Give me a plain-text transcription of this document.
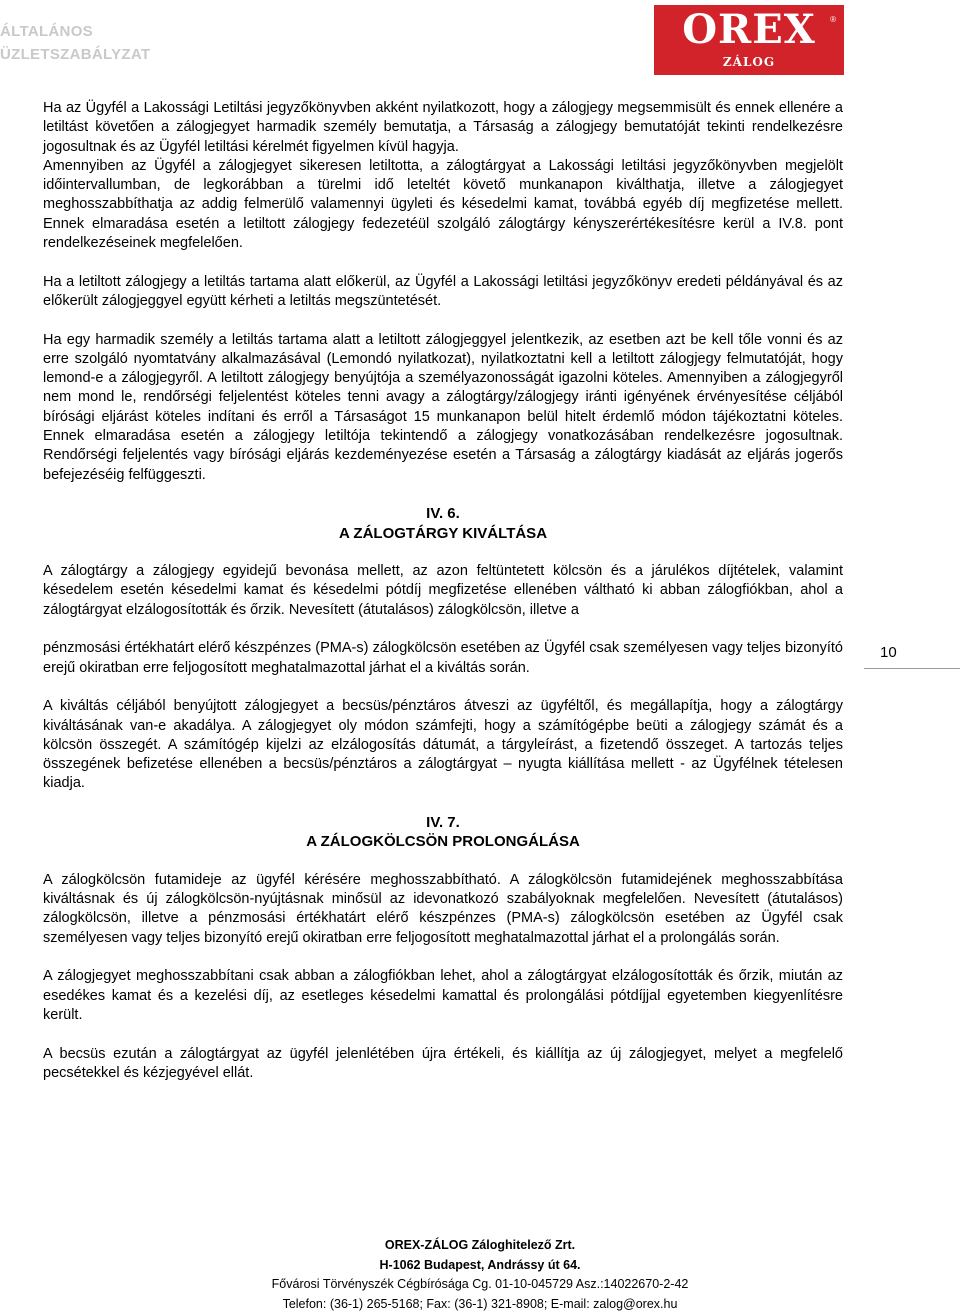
ÁLTALÁNOS
ÜZLETSZABÁLYZAT
OREX	®
ZÁLOG

Ha az Ügyfél a Lakossági Letiltási jegyzőkönyvben akként nyilatkozott, hogy a zálogjegy megsemmisült és ennek ellenére a letiltást követően a zálogjegyet harmadik személy bemutatja, a Társaság a zálogjegy bemutatóját tekinti rendelkezésre jogosultnak és az Ügyfél letiltási kérelmét figyelmen kívül hagyja.

Amennyiben az Ügyfél a zálogjegyet sikeresen letiltotta, a zálogtárgyat a Lakossági letiltási jegyzőkönyvben megjelölt időintervallumban, de legkorábban a türelmi idő leteltét követő munkanapon kiválthatja, illetve a zálogjegyet meghosszabbíthatja az addig felmerülő valamennyi ügyleti és késedelmi kamat, továbbá egyéb díj megfizetése mellett. Ennek elmaradása esetén a letiltott zálogjegy fedezetéül szolgáló zálogtárgy kényszerértékesítésre kerül a IV.8. pont rendelkezéseinek megfelelően.

Ha a letiltott zálogjegy a letiltás tartama alatt előkerül, az Ügyfél a Lakossági letiltási jegyzőkönyv eredeti példányával és az előkerült zálogjeggyel együtt kérheti a letiltás megszüntetését.

Ha egy harmadik személy a letiltás tartama alatt a letiltott zálogjeggyel jelentkezik, az esetben azt be kell tőle vonni és az erre szolgáló nyomtatvány alkalmazásával (Lemondó nyilatkozat), nyilatkoztatni kell a letiltott zálogjegy felmutatóját, hogy lemond-e a zálogjegyről. A letiltott zálogjegy benyújtója a személyazonosságát igazolni köteles. Amennyiben a zálogjegyről nem mond le, rendőrségi feljelentést köteles tenni avagy a zálogtárgy/zálogjegy iránti igényének érvényesítése céljából bírósági eljárást köteles indítani és erről a Társaságot 15 munkanapon belül hitelt érdemlő módon tájékoztatni köteles. Ennek elmaradása esetén a zálogjegy letiltója tekintendő a zálogjegy vonatkozásában rendelkezésre jogosultnak. Rendőrségi feljelentés vagy bírósági eljárás kezdeményezése esetén a Társaság a zálogtárgy kiadását az eljárás jogerős befejezéséig felfüggeszti.

IV. 6.
A ZÁLOGTÁRGY KIVÁLTÁSA

A zálogtárgy a zálogjegy egyidejű bevonása mellett, az azon feltüntetett kölcsön és a járulékos díjtételek, valamint késedelem esetén késedelmi kamat és késedelmi pótdíj megfizetése ellenében váltható ki abban zálogfiókban, ahol a zálogtárgyat elzálogosították és őrzik. Nevesített (átutalásos) zálogkölcsön, illetve a

pénzmosási értékhatárt elérő készpénzes (PMA-s) zálogkölcsön esetében az Ügyfél csak személyesen vagy teljes bizonyító erejű okiratban erre feljogosított meghatalmazottal járhat el a kiváltás során.

A kiváltás céljából benyújtott zálogjegyet a becsüs/pénztáros átveszi az ügyféltől, és megállapítja, hogy a zálogtárgy kiváltásának van-e akadálya. A zálogjegyet oly módon számfejti, hogy a számítógépbe beüti a zálogjegy számát és a kölcsön összegét. A számítógép kijelzi az elzálogosítás dátumát, a tárgyleírást, a fizetendő összeget. A tartozás teljes összegének befizetése ellenében a becsüs/pénztáros a zálogtárgyat – nyugta kiállítása mellett - az Ügyfélnek tételesen kiadja.

IV. 7.
A ZÁLOGKÖLCSÖN PROLONGÁLÁSA

A zálogkölcsön futamideje az ügyfél kérésére meghosszabbítható. A zálogkölcsön futamidejének meghosszabbítása kiváltásnak és új zálogkölcsön-nyújtásnak minősül az idevonatkozó szabályoknak megfelelően. Nevesített (átutalásos) zálogkölcsön, illetve a pénzmosási értékhatárt elérő készpénzes (PMA-s) zálogkölcsön esetében az Ügyfél csak személyesen vagy teljes bizonyító erejű okiratban erre feljogosított meghatalmazottal járhat el a prolongálás során.

A zálogjegyet meghosszabbítani csak abban a zálogfiókban lehet, ahol a zálogtárgyat elzálogosították és őrzik, miután az esedékes kamat és a kezelési díj, az esetleges késedelmi kamattal és prolongálási pótdíjjal egyetemben kiegyenlítésre került.

A becsüs ezután a zálogtárgyat az ügyfél jelenlétében újra értékeli, és kiállítja az új zálogjegyet, melyet a megfelelő pecsétekkel és kézjegyével ellát.

10
OREX-ZÁLOG Záloghitelező Zrt.
H-1062 Budapest, Andrássy út 64.
Fővárosi Törvényszék Cégbírósága Cg. 01-10-045729 Asz.:14022670-2-42
Telefon: (36-1) 265-5168; Fax: (36-1) 321-8908; E-mail: zalog@orex.hu
